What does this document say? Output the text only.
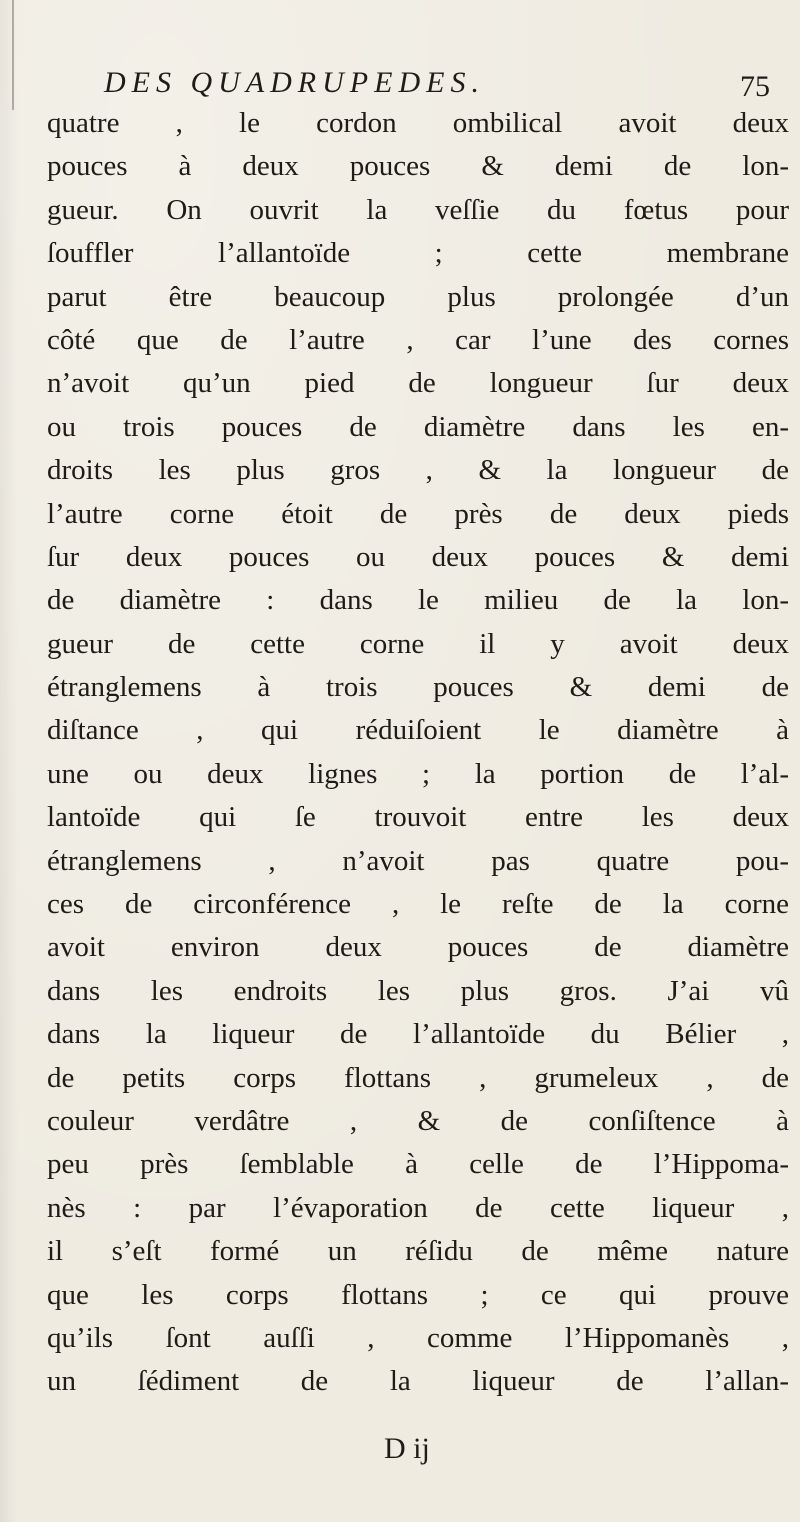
DES QUADRUPEDES.	75
quatre , le cordon ombilical avoit deux
pouces à deux pouces & demi de lon-
gueur. On ouvrit la veſſie du fœtus pour
ſouffler l’allantoïde ; cette membrane
parut être beaucoup plus prolongée d’un
côté que de l’autre , car l’une des cornes
n’avoit qu’un pied de longueur ſur deux
ou trois pouces de diamètre dans les en-
droits les plus gros , & la longueur de
l’autre corne étoit de près de deux pieds
ſur deux pouces ou deux pouces & demi
de diamètre : dans le milieu de la lon-
gueur de cette corne il y avoit deux
étranglemens à trois pouces & demi de
diſtance , qui réduiſoient le diamètre à
une ou deux lignes ; la portion de l’al-
lantoïde qui ſe trouvoit entre les deux
étranglemens , n’avoit pas quatre pou-
ces de circonférence , le reſte de la corne
avoit environ deux pouces de diamètre
dans les endroits les plus gros. J’ai vû
dans la liqueur de l’allantoïde du Bélier ,
de petits corps flottans , grumeleux , de
couleur verdâtre , & de conſiſtence à
peu près ſemblable à celle de l’Hippoma-
nès : par l’évaporation de cette liqueur ,
il s’eſt formé un réſidu de même nature
que les corps flottans ; ce qui prouve
qu’ils ſont auſſi , comme l’Hippomanès ,
un ſédiment de la liqueur de l’allan-
D ij
